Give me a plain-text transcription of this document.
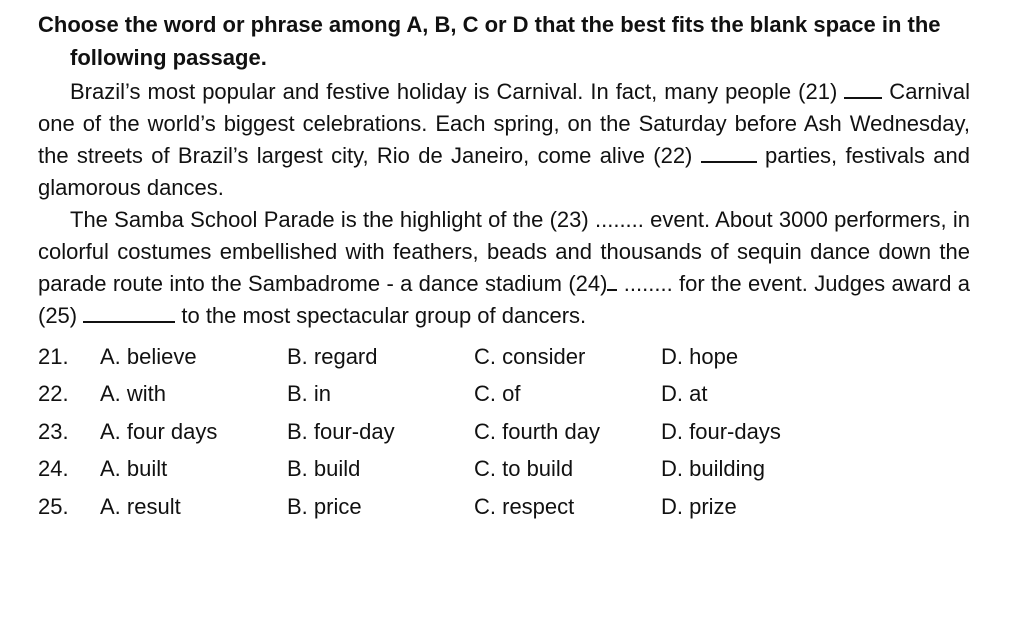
Choose the word or phrase among A, B, C or D that the best fits the blank space in the following passage.

Brazil’s most popular and festive holiday is Carnival. In fact, many people (21)  Carnival one of the world’s biggest celebrations. Each spring, on the Saturday before Ash Wednesday, the streets of Brazil’s largest city, Rio de Janeiro, come alive (22)	parties, festivals and glamorous dances.

The Samba School Parade is the highlight of the (23) ........ event. About 3000 performers, in colorful costumes embellished with feathers, beads and thousands of sequin dance down the parade route into the Sambadrome - a dance stadium (24) ........ for the event. Judges award a (25)	to the most spectacular group of dancers.

21.	A. believe	B. regard	C. consider	D. hope
22.	A. with	B. in	C. of	D. at
23.	A. four days	B. four-day	C. fourth day	D. four-days
24.	A. built	B. build	C. to build	D. building
25.	A. result	B. price	C. respect	D. prize
